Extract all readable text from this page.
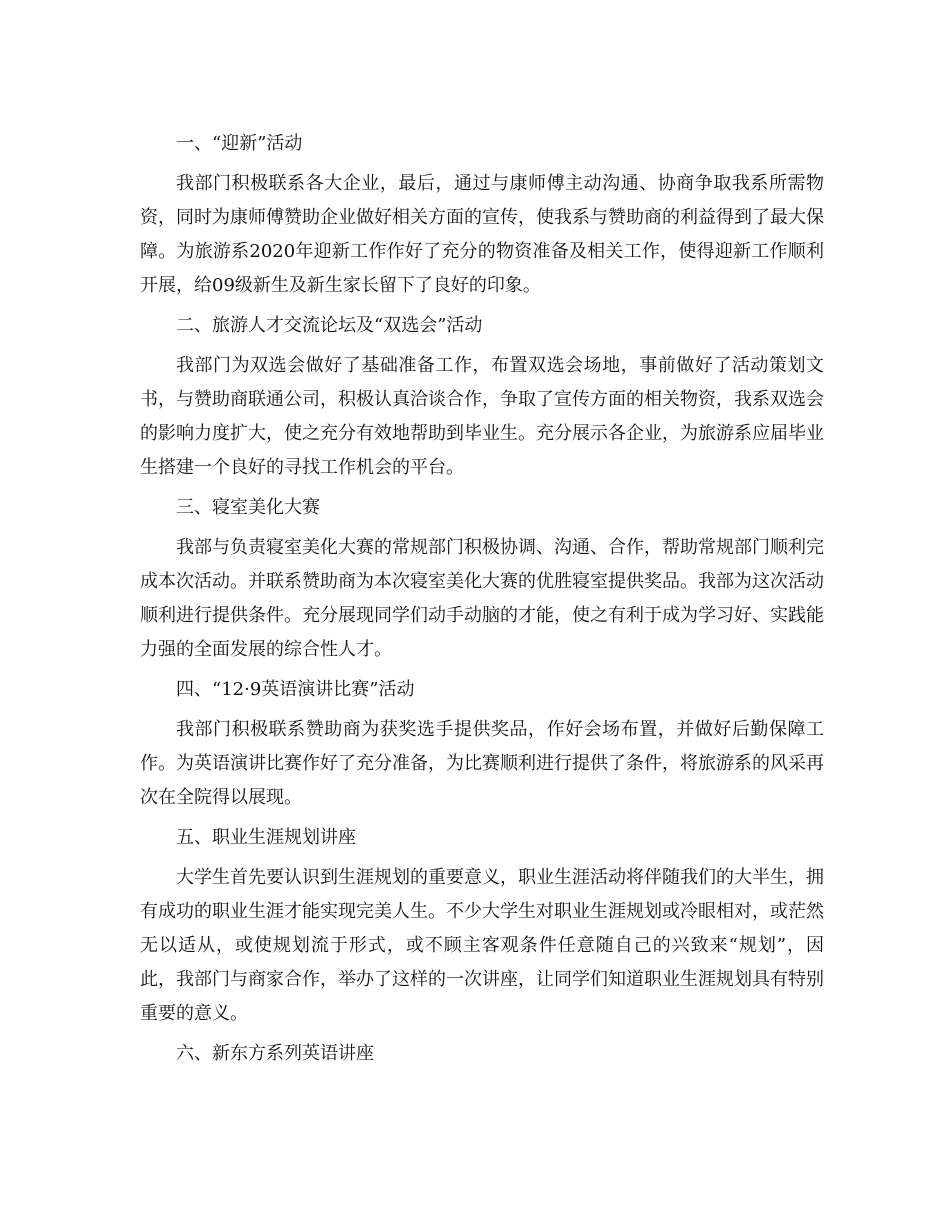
一、“迎新”活动

我部门积极联系各大企业，最后，通过与康师傅主动沟通、协商争取我系所需物资，同时为康师傅赞助企业做好相关方面的宣传，使我系与赞助商的利益得到了最大保障。为旅游系2020年迎新工作作好了充分的物资准备及相关工作，使得迎新工作顺利开展，给09级新生及新生家长留下了良好的印象。

二、旅游人才交流论坛及“双选会”活动

我部门为双选会做好了基础准备工作，布置双选会场地，事前做好了活动策划文书，与赞助商联通公司，积极认真洽谈合作，争取了宣传方面的相关物资，我系双选会的影响力度扩大，使之充分有效地帮助到毕业生。充分展示各企业，为旅游系应届毕业生搭建一个良好的寻找工作机会的平台。

三、寝室美化大赛

我部与负责寝室美化大赛的常规部门积极协调、沟通、合作，帮助常规部门顺利完成本次活动。并联系赞助商为本次寝室美化大赛的优胜寝室提供奖品。我部为这次活动顺利进行提供条件。充分展现同学们动手动脑的才能，使之有利于成为学习好、实践能力强的全面发展的综合性人才。

四、“12·9英语演讲比赛”活动

我部门积极联系赞助商为获奖选手提供奖品，作好会场布置，并做好后勤保障工作。为英语演讲比赛作好了充分准备，为比赛顺利进行提供了条件，将旅游系的风采再次在全院得以展现。

五、职业生涯规划讲座

大学生首先要认识到生涯规划的重要意义，职业生涯活动将伴随我们的大半生，拥有成功的职业生涯才能实现完美人生。不少大学生对职业生涯规划或冷眼相对，或茫然无以适从，或使规划流于形式，或不顾主客观条件任意随自己的兴致来“规划”，因此，我部门与商家合作，举办了这样的一次讲座，让同学们知道职业生涯规划具有特别重要的意义。

六、新东方系列英语讲座
